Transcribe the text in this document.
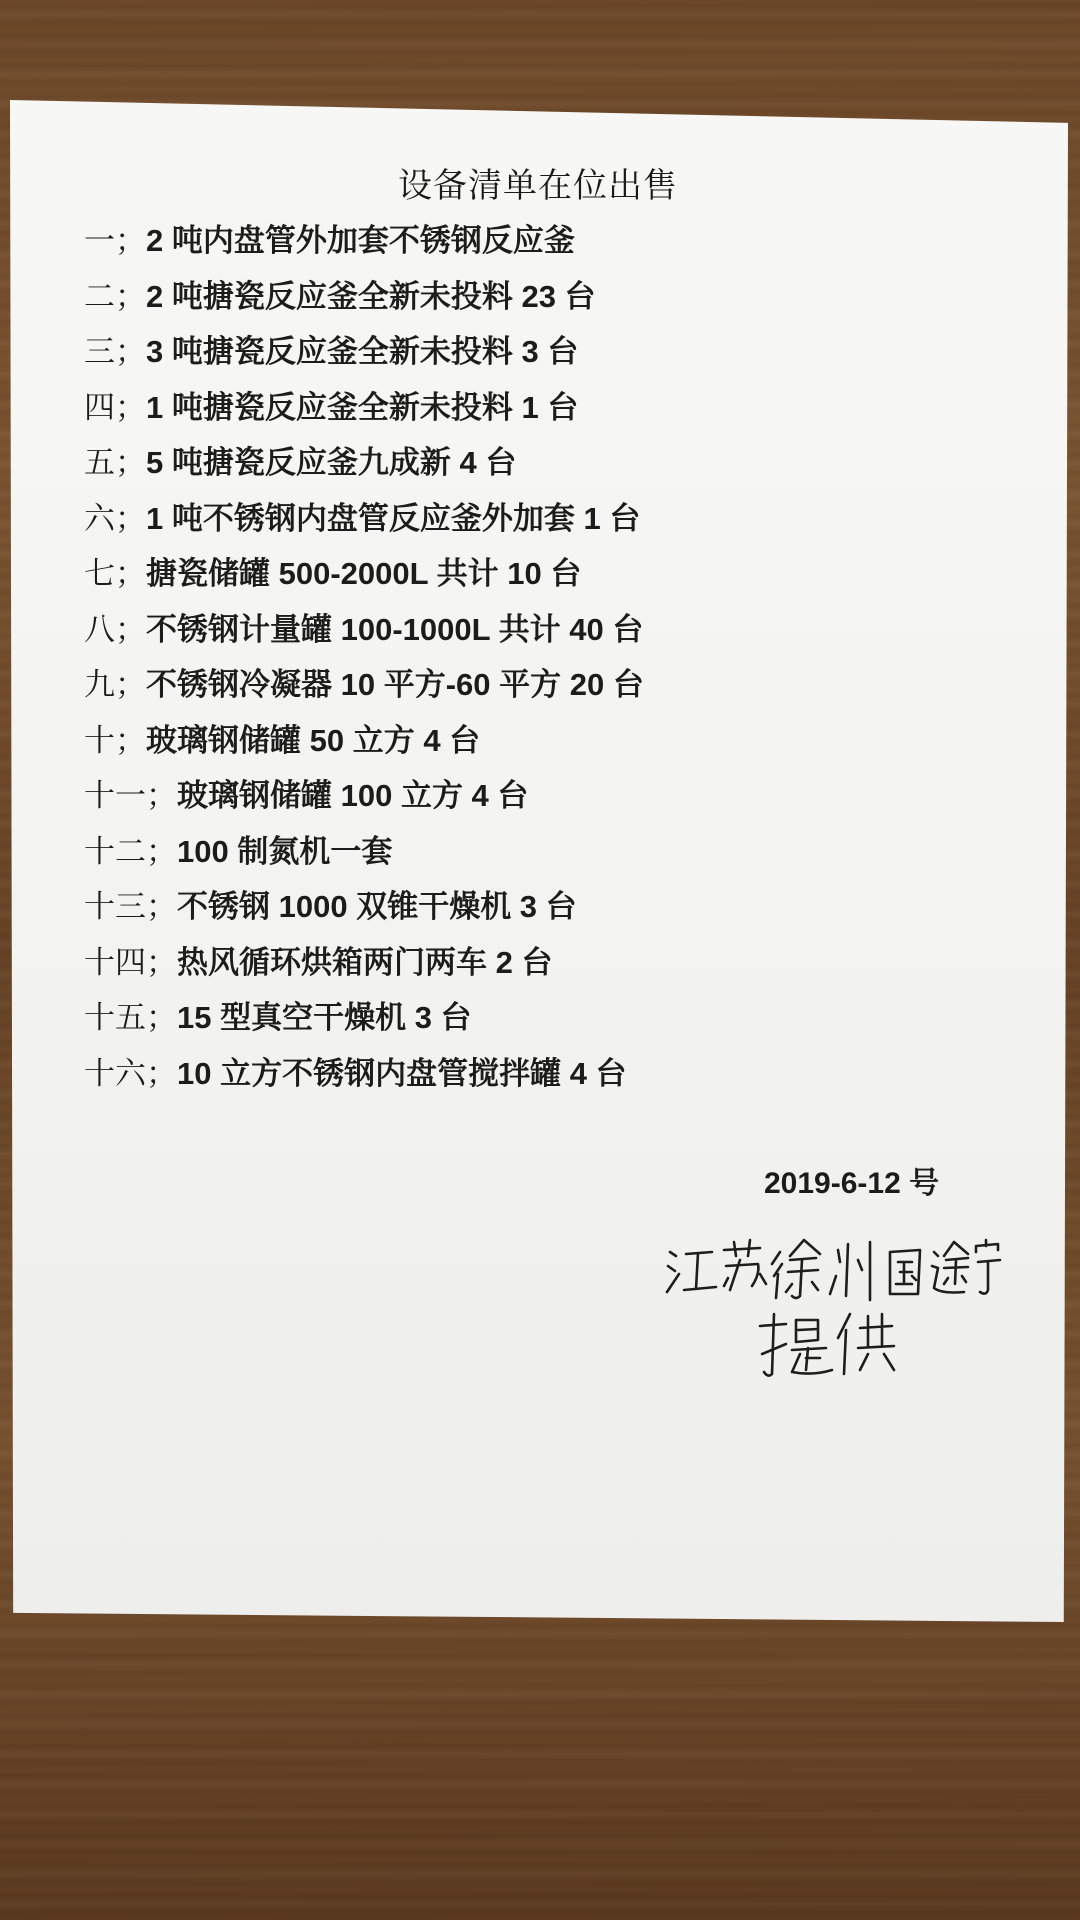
设备清单在位出售
一；2 吨内盘管外加套不锈钢反应釜
二；2 吨搪瓷反应釜全新未投料 23 台
三；3 吨搪瓷反应釜全新未投料 3 台
四；1 吨搪瓷反应釜全新未投料 1 台
五；5 吨搪瓷反应釜九成新 4 台
六；1 吨不锈钢内盘管反应釜外加套 1 台
七；搪瓷储罐 500-2000L 共计 10 台
八；不锈钢计量罐 100-1000L 共计 40 台
九；不锈钢冷凝器 10 平方-60 平方 20 台
十；玻璃钢储罐 50 立方 4 台
十一；玻璃钢储罐 100 立方 4 台
十二；100 制氮机一套
十三；不锈钢 1000 双锥干燥机 3 台
十四；热风循环烘箱两门两车 2 台
十五；15 型真空干燥机 3 台
十六；10 立方不锈钢内盘管搅拌罐 4 台
2019-6-12 号
